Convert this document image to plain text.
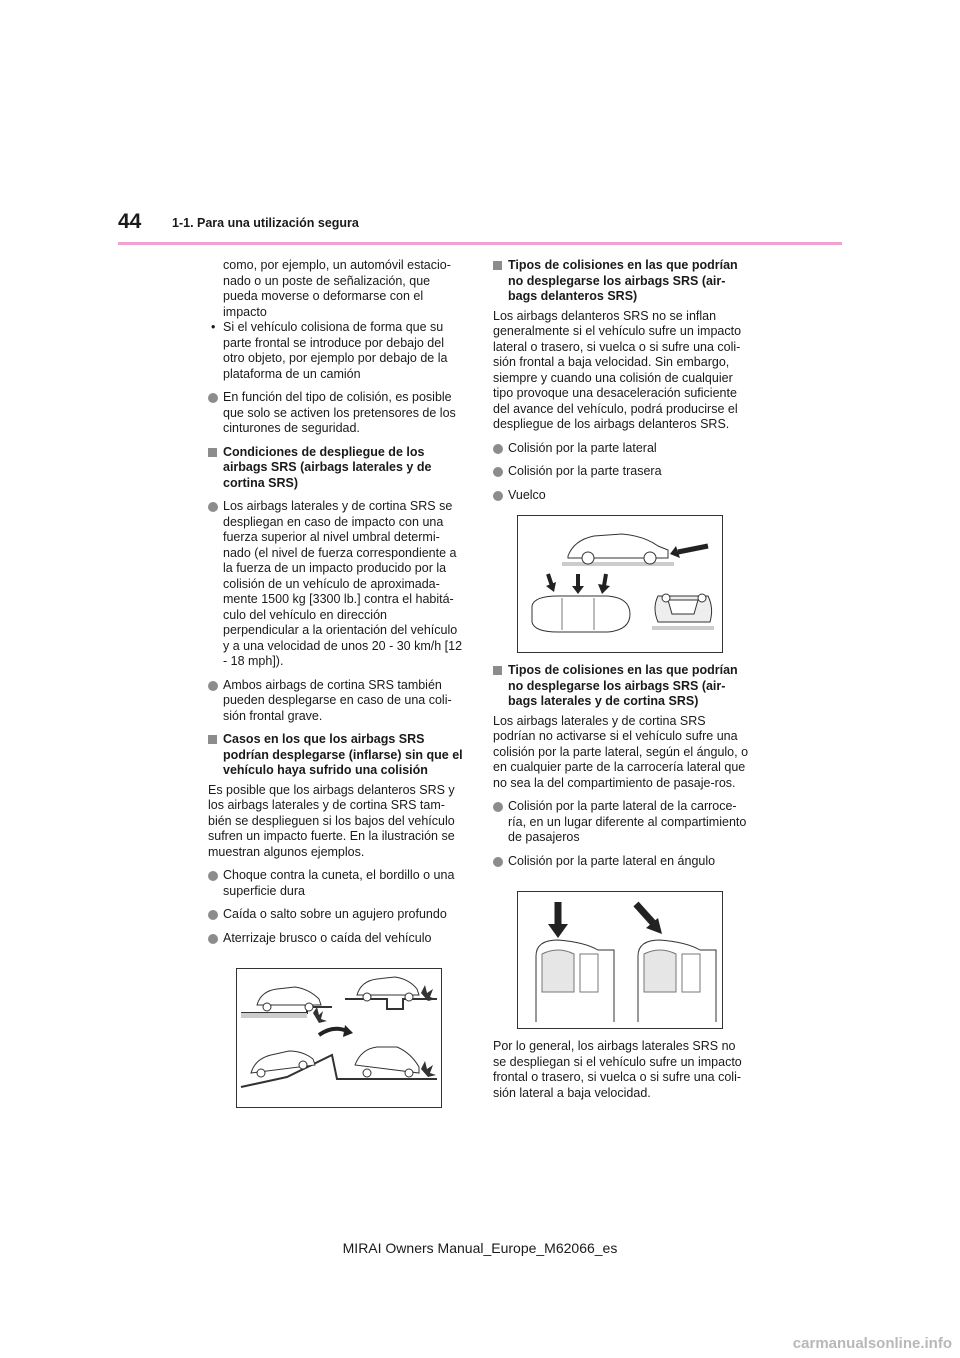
44 1-1. Para una utilización segura

como, por ejemplo, un automóvil estacio-nado o un poste de señalización, que pueda moverse o deformarse con el impacto

• Si el vehículo colisiona de forma que su parte frontal se introduce por debajo del otro objeto, por ejemplo por debajo de la plataforma de un camión

En función del tipo de colisión, es posible que solo se activen los pretensores de los cinturones de seguridad.

Condiciones de despliegue de los airbags SRS (airbags laterales y de cortina SRS)

Los airbags laterales y de cortina SRS se despliegan en caso de impacto con una fuerza superior al nivel umbral determi-nado (el nivel de fuerza correspondiente a la fuerza de un impacto producido por la colisión de un vehículo de aproximada-mente 1500 kg [3300 lb.] contra el habitá-culo del vehículo en dirección perpendicular a la orientación del vehículo y a una velocidad de unos 20 - 30 km/h [12 - 18 mph]).

Ambos airbags de cortina SRS también pueden desplegarse en caso de una coli-sión frontal grave.

Casos en los que los airbags SRS podrían desplegarse (inflarse) sin que el vehículo haya sufrido una colisión

Es posible que los airbags delanteros SRS y los airbags laterales y de cortina SRS tam-bién se desplieguen si los bajos del vehículo sufren un impacto fuerte. En la ilustración se muestran algunos ejemplos.

Choque contra la cuneta, el bordillo o una superficie dura

Caída o salto sobre un agujero profundo

Aterrizaje brusco o caída del vehículo

Tipos de colisiones en las que podrían no desplegarse los airbags SRS (air-bags delanteros SRS)

Los airbags delanteros SRS no se inflan generalmente si el vehículo sufre un impacto lateral o trasero, si vuelca o si sufre una coli-sión frontal a baja velocidad. Sin embargo, siempre y cuando una colisión de cualquier tipo provoque una desaceleración suficiente del avance del vehículo, podrá producirse el despliegue de los airbags delanteros SRS.

Colisión por la parte lateral

Colisión por la parte trasera

Vuelco

Tipos de colisiones en las que podrían no desplegarse los airbags SRS (air-bags laterales y de cortina SRS)

Los airbags laterales y de cortina SRS podrían no activarse si el vehículo sufre una colisión por la parte lateral, según el ángulo, o en cualquier parte de la carrocería lateral que no sea la del compartimiento de pasaje-ros.

Colisión por la parte lateral de la carroce-ría, en un lugar diferente al compartimiento de pasajeros

Colisión por la parte lateral en ángulo

Por lo general, los airbags laterales SRS no se despliegan si el vehículo sufre un impacto frontal o trasero, si vuelca o si sufre una coli-sión lateral a baja velocidad.

MIRAI Owners Manual_Europe_M62066_es
carmanualsonline.info
